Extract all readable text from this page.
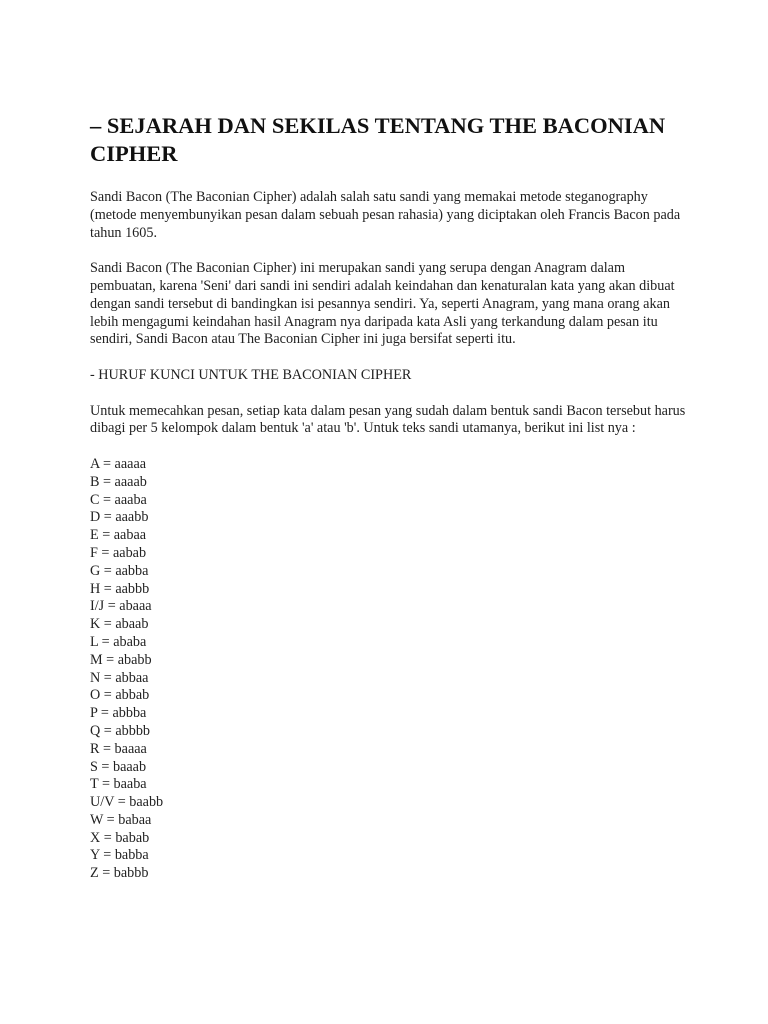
– SEJARAH DAN SEKILAS TENTANG THE BACONIAN CIPHER

Sandi Bacon (The Baconian Cipher) adalah salah satu sandi yang memakai metode steganography (metode menyembunyikan pesan dalam sebuah pesan rahasia) yang diciptakan oleh Francis Bacon pada tahun 1605.

Sandi Bacon (The Baconian Cipher) ini merupakan sandi yang serupa dengan Anagram dalam pembuatan, karena 'Seni' dari sandi ini sendiri adalah keindahan dan kenaturalan kata yang akan dibuat dengan sandi tersebut di bandingkan isi pesannya sendiri. Ya, seperti Anagram, yang mana orang akan lebih mengagumi keindahan hasil Anagram nya daripada kata Asli yang terkandung dalam pesan itu sendiri, Sandi Bacon atau The Baconian Cipher ini juga bersifat seperti itu.

- HURUF KUNCI UNTUK THE BACONIAN CIPHER

Untuk memecahkan pesan, setiap kata dalam pesan yang sudah dalam bentuk sandi Bacon tersebut harus dibagi per 5 kelompok dalam bentuk 'a' atau 'b'. Untuk teks sandi utamanya, berikut ini list nya :

A = aaaaa
B = aaaab
C = aaaba
D = aaabb
E = aabaa
F = aabab
G = aabba
H = aabbb
I/J = abaaa
K = abaab
L = ababa
M = ababb
N = abbaa
O = abbab
P = abbba
Q = abbbb
R = baaaa
S = baaab
T = baaba
U/V = baabb
W = babaa
X = babab
Y = babba
Z = babbb
